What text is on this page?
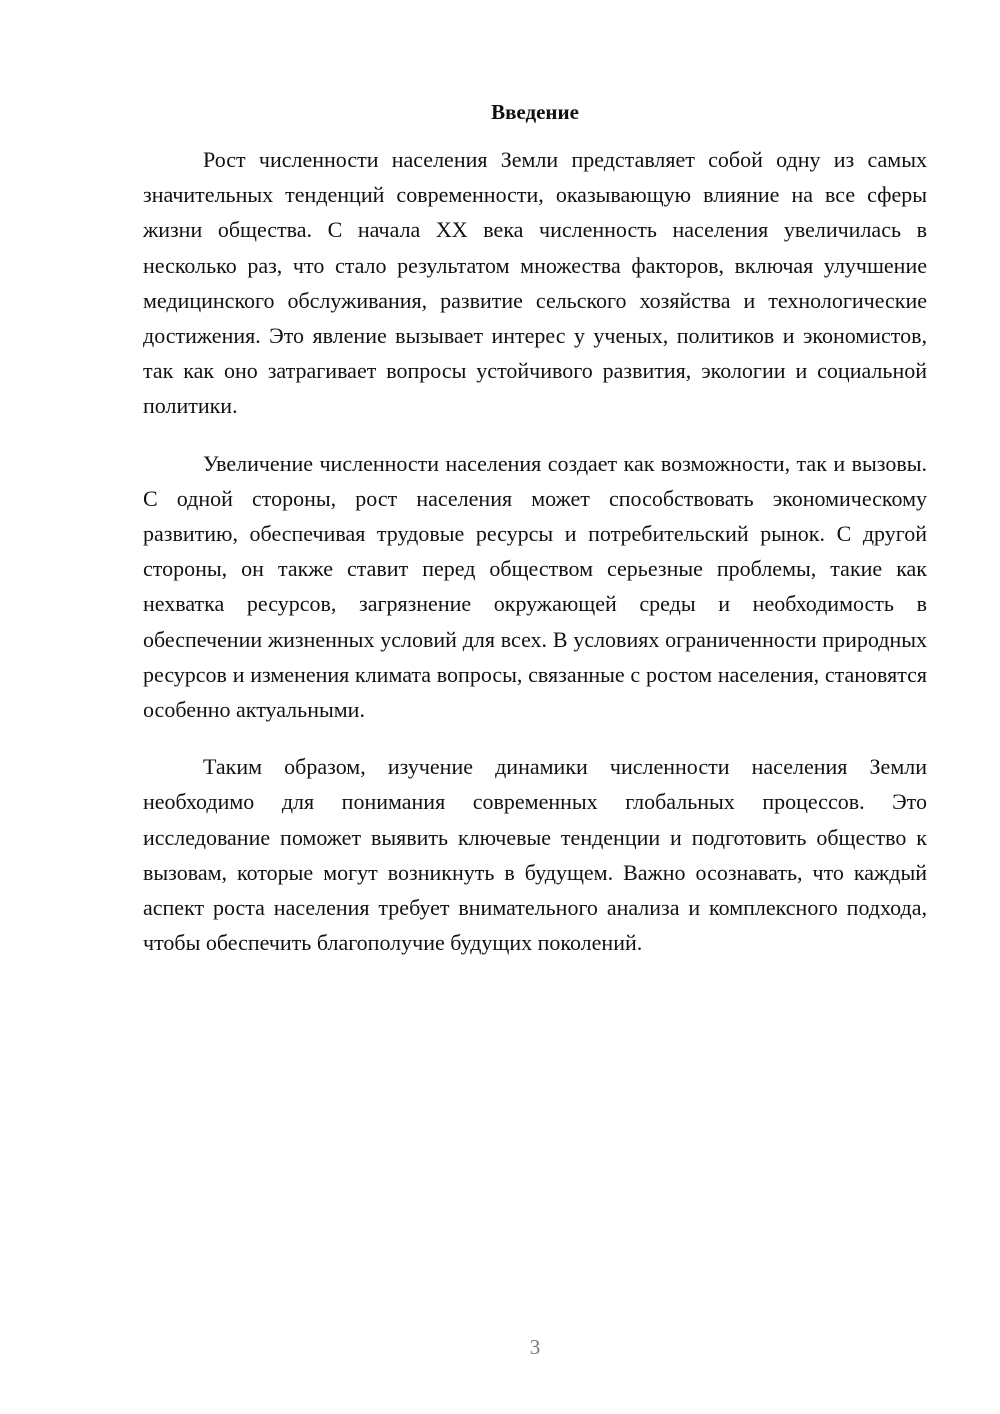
Введение

Рост численности населения Земли представляет собой одну из самых значительных тенденций современности, оказывающую влияние на все сферы жизни общества. С начала XX века численность населения увеличилась в несколько раз, что стало результатом множества факторов, включая улучшение медицинского обслуживания, развитие сельского хозяйства и технологические достижения. Это явление вызывает интерес у ученых, политиков и экономистов, так как оно затрагивает вопросы устойчивого развития, экологии и социальной политики.

Увеличение численности населения создает как возможности, так и вызовы. С одной стороны, рост населения может способствовать экономическому развитию, обеспечивая трудовые ресурсы и потребительский рынок. С другой стороны, он также ставит перед обществом серьезные проблемы, такие как нехватка ресурсов, загрязнение окружающей среды и необходимость в обеспечении жизненных условий для всех. В условиях ограниченности природных ресурсов и изменения климата вопросы, связанные с ростом населения, становятся особенно актуальными.

Таким образом, изучение динамики численности населения Земли необходимо для понимания современных глобальных процессов. Это исследование поможет выявить ключевые тенденции и подготовить общество к вызовам, которые могут возникнуть в будущем. Важно осознавать, что каждый аспект роста населения требует внимательного анализа и комплексного подхода, чтобы обеспечить благополучие будущих поколений.

3
